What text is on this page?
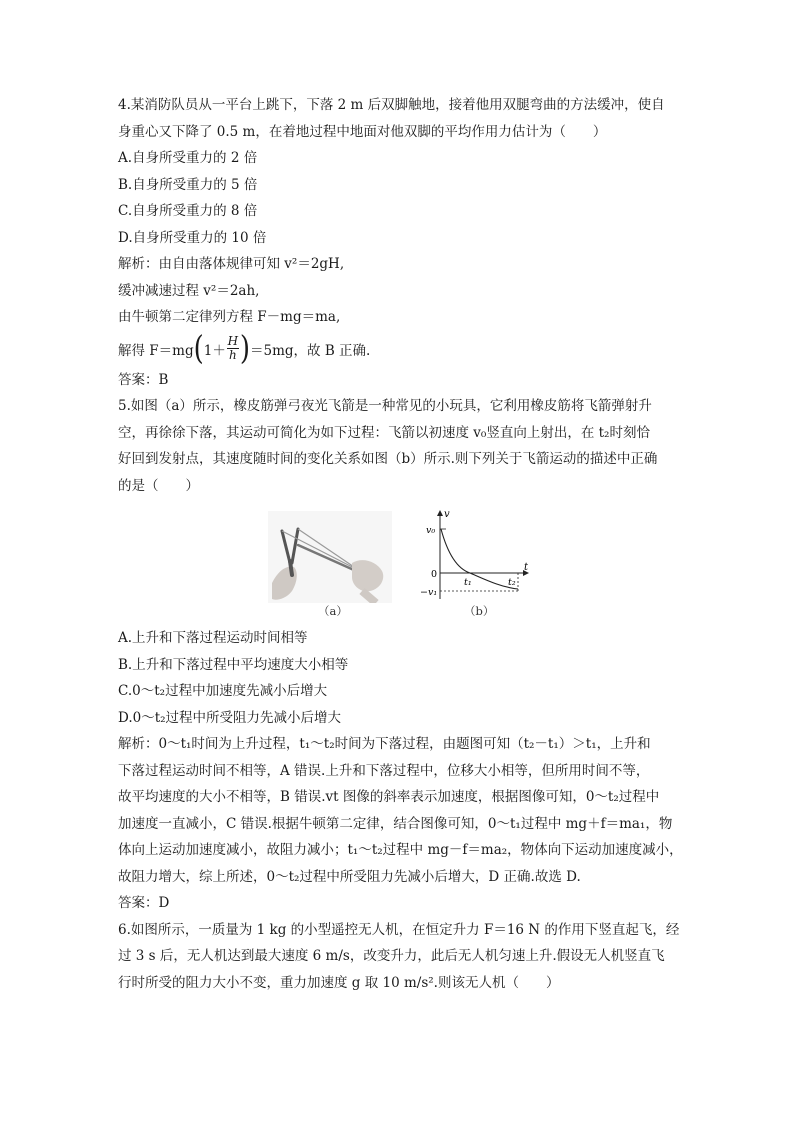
4.某消防队员从一平台上跳下，下落 2 m 后双脚触地，接着他用双腿弯曲的方法缓冲，使自
身重心又下降了 0.5 m，在着地过程中地面对他双脚的平均作用力估计为（　　）
A.自身所受重力的 2 倍
B.自身所受重力的 5 倍
C.自身所受重力的 8 倍
D.自身所受重力的 10 倍
解析：由自由落体规律可知 v²＝2gH,
缓冲减速过程 v²＝2ah,
由牛顿第二定律列方程 F－mg＝ma,
解得 F＝mg ( $1+ \frac{H}{h}$ ) ＝5mg，故 B 正确.
答案：B
5.如图（a）所示，橡皮筋弹弓夜光飞箭是一种常见的小玩具，它利用橡皮筋将飞箭弹射升
空，再徐徐下落，其运动可简化为如下过程：飞箭以初速度 v₀竖直向上射出，在 t₂时刻恰
好回到发射点，其速度随时间的变化关系如图（b）所示.则下列关于飞箭运动的描述中正确
的是（　　）
（a）
v
t
v₀
0
−v₁
t₁	t₂
（b）
A.上升和下落过程运动时间相等
B.上升和下落过程中平均速度大小相等
C.0～t₂过程中加速度先减小后增大
D.0～t₂过程中所受阻力先减小后增大
解析：0～t₁时间为上升过程，t₁～t₂时间为下落过程，由题图可知（t₂－t₁）＞t₁，上升和
下落过程运动时间不相等，A 错误.上升和下落过程中，位移大小相等，但所用时间不等，
故平均速度的大小不相等，B 错误.vt 图像的斜率表示加速度，根据图像可知，0～t₂过程中
加速度一直减小，C 错误.根据牛顿第二定律，结合图像可知，0～t₁过程中 mg＋f＝ma₁，物
体向上运动加速度减小，故阻力减小；t₁～t₂过程中 mg－f＝ma₂，物体向下运动加速度减小，
故阻力增大，综上所述，0～t₂过程中所受阻力先减小后增大，D 正确.故选 D.
答案：D
6.如图所示，一质量为 1 kg 的小型遥控无人机，在恒定升力 F＝16 N 的作用下竖直起飞，经
过 3 s 后，无人机达到最大速度 6 m/s，改变升力，此后无人机匀速上升.假设无人机竖直飞
行时所受的阻力大小不变，重力加速度 g 取 10 m/s².则该无人机（　　）
